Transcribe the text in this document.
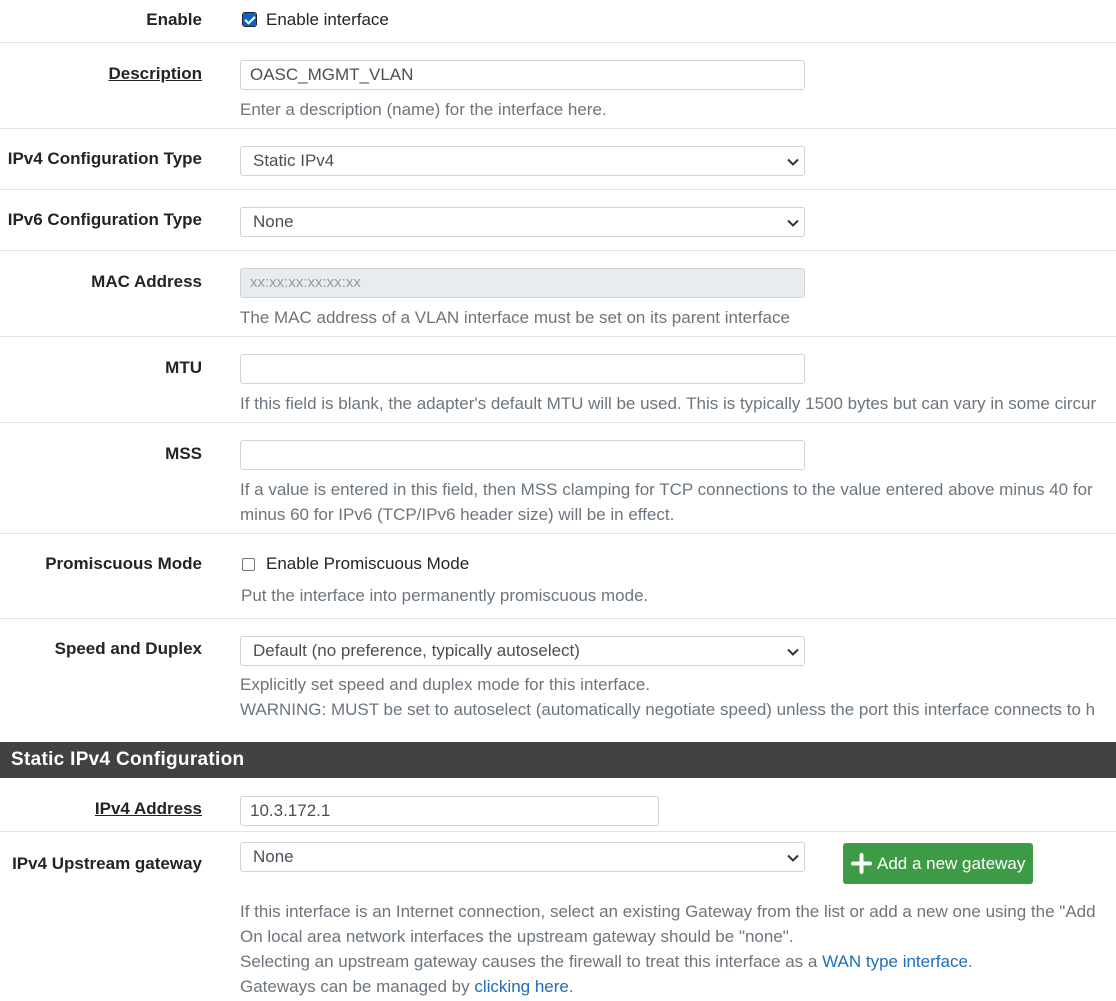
Enable	Enable interface
Description	OASC_MGMT_VLAN
Enter a description (name) for the interface here.
IPv4 Configuration Type	Static IPv4
IPv6 Configuration Type	None
MAC Address	xx:xx:xx:xx:xx:xx
The MAC address of a VLAN interface must be set on its parent interface
MTU
If this field is blank, the adapter's default MTU will be used. This is typically 1500 bytes but can vary in some circur
MSS
If a value is entered in this field, then MSS clamping for TCP connections to the value entered above minus 40 for
minus 60 for IPv6 (TCP/IPv6 header size) will be in effect.
Promiscuous Mode	Enable Promiscuous Mode
Put the interface into permanently promiscuous mode.
Speed and Duplex	Default (no preference, typically autoselect)
Explicitly set speed and duplex mode for this interface.
WARNING: MUST be set to autoselect (automatically negotiate speed) unless the port this interface connects to h
Static IPv4 Configuration
IPv4 Address	10.3.172.1
IPv4 Upstream gateway	None
If this interface is an Internet connection, select an existing Gateway from the list or add a new one using the "Add
On local area network interfaces the upstream gateway should be "none".
Selecting an upstream gateway causes the firewall to treat this interface as a WAN type interface.
Gateways can be managed by clicking here.
Add a new gateway
